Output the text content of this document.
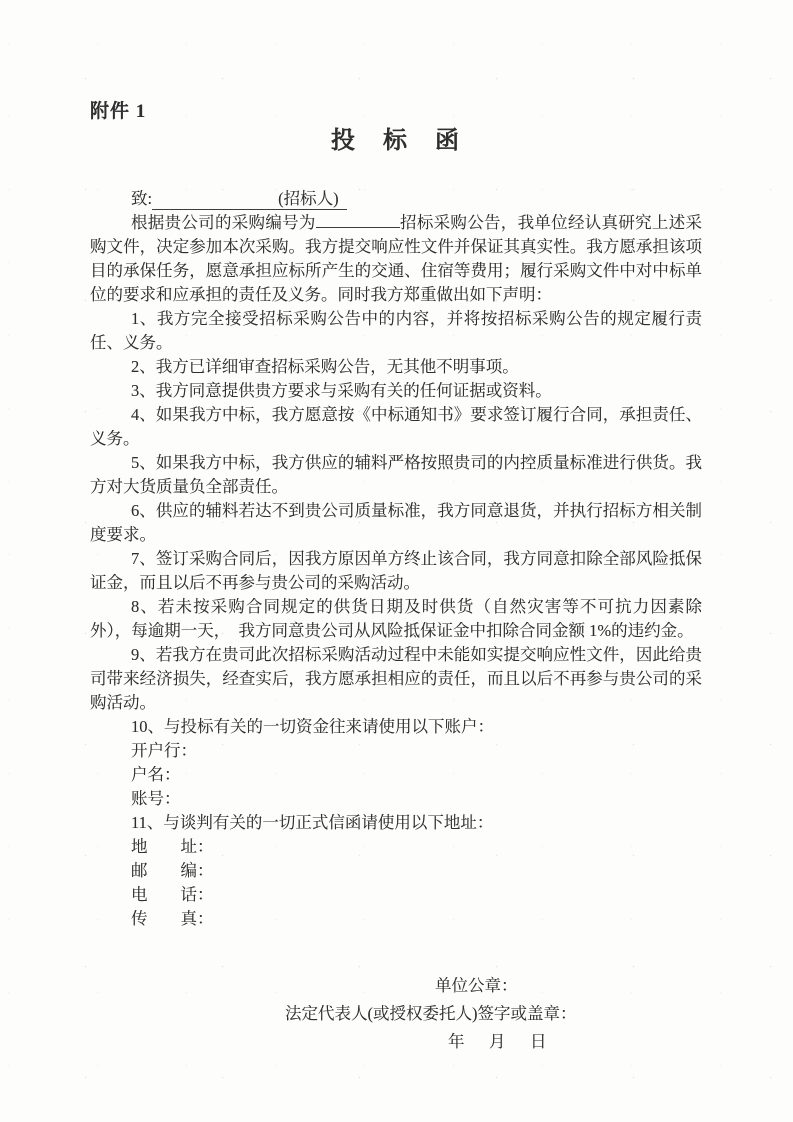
附件 1
投　标　函
致:	(招标人)

根据贵公司的采购编号为	招标采购公告，我单位经认真研究上述采购文件，决定参加本次采购。我方提交响应性文件并保证其真实性。我方愿承担该项目的承保任务，愿意承担应标所产生的交通、住宿等费用；履行采购文件中对中标单位的要求和应承担的责任及义务。同时我方郑重做出如下声明：

1、我方完全接受招标采购公告中的内容，并将按招标采购公告的规定履行责任、义务。

2、我方已详细审查招标采购公告，无其他不明事项。

3、我方同意提供贵方要求与采购有关的任何证据或资料。

4、如果我方中标，我方愿意按《中标通知书》要求签订履行合同，承担责任、义务。

5、如果我方中标，我方供应的辅料严格按照贵司的内控质量标准进行供货。我方对大货质量负全部责任。

6、供应的辅料若达不到贵公司质量标准，我方同意退货，并执行招标方相关制度要求。

7、签订采购合同后，因我方原因单方终止该合同，我方同意扣除全部风险抵保证金，而且以后不再参与贵公司的采购活动。

8、若未按采购合同规定的供货日期及时供货（自然灾害等不可抗力因素除外），每逾期一天，　我方同意贵公司从风险抵保证金中扣除合同金额 1%的违约金。

9、若我方在贵司此次招标采购活动过程中未能如实提交响应性文件，因此给贵司带来经济损失，经查实后，我方愿承担相应的责任，而且以后不再参与贵公司的采购活动。

10、与投标有关的一切资金往来请使用以下账户：

开户行：

户名：

账号：

11、与谈判有关的一切正式信函请使用以下地址：

地　　址：

邮　　编：

电　　话：

传　　真：

单位公章：
法定代表人(或授权委托人)签字或盖章：
年　月　日
